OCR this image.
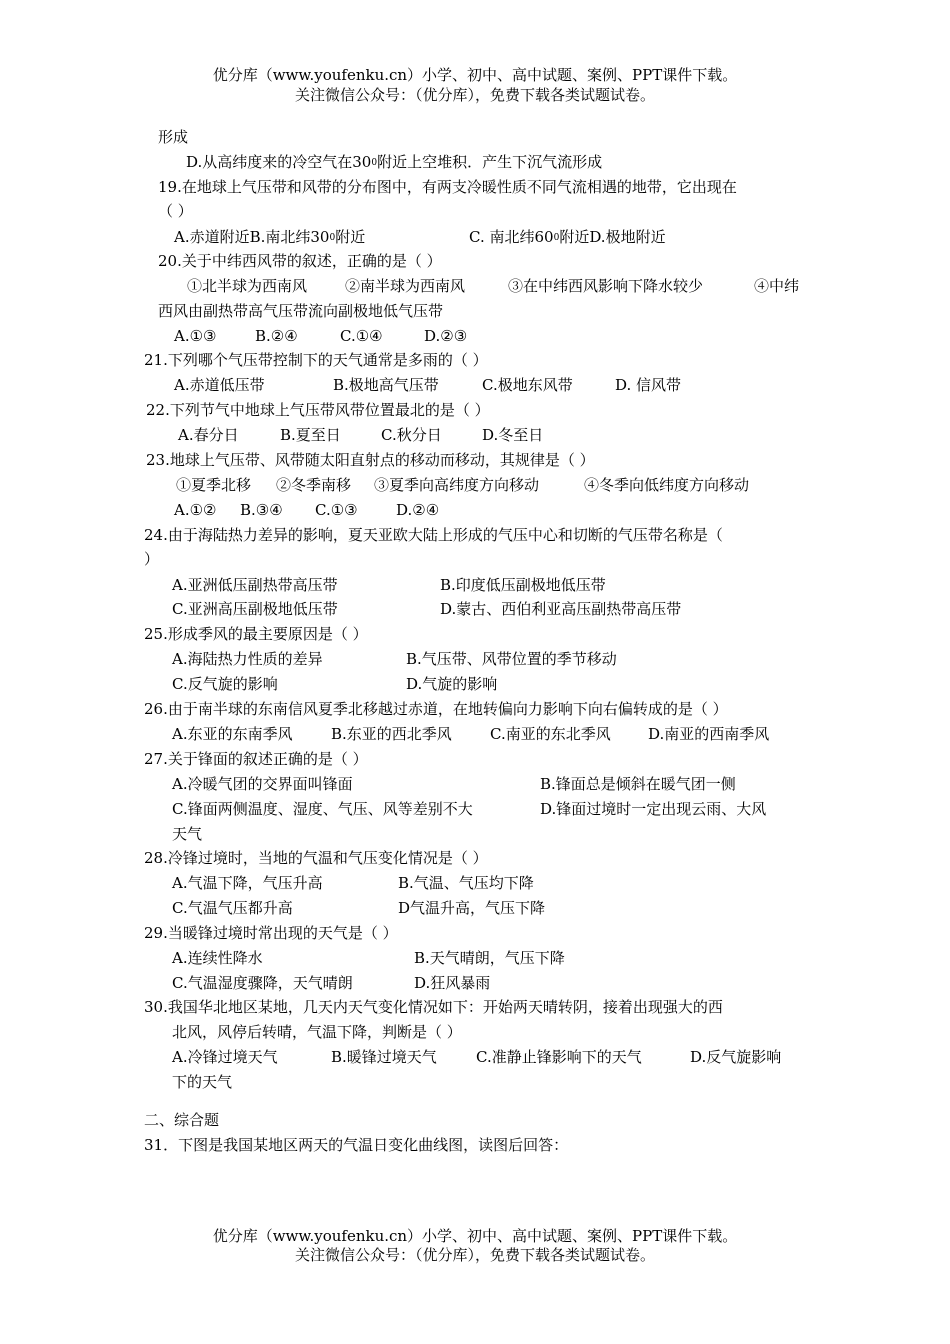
优分库（www.youfenku.cn）小学、初中、高中试题、案例、PPT课件下载。
关注微信公众号：（优分库），免费下载各类试题试卷。
形成
D.从高纬度来的冷空气在$30^0$附近上空堆积．产生下沉气流形成
19.在地球上气压带和风带的分布图中，有两支冷暖性质不同气流相遇的地带，它出现在
（ ）
A.赤道附近B.南北纬$30^0$附近	C. 南北纬$60^0$附近D.极地附近
20.关于中纬西风带的叙述，正确的是（ ）
①北半球为西南风	②南半球为西南风	③在中纬西风影响下降水较少	④中纬
西风由副热带高气压带流向副极地低气压带
A.①③	B.②④	C.①④	D.②③
21.下列哪个气压带控制下的天气通常是多雨的（ ）
A.赤道低压带	B.极地高气压带	C.极地东风带	D. 信风带
22.下列节气中地球上气压带风带位置最北的是（ ）
A.春分日	B.夏至日	C.秋分日	D.冬至日
23.地球上气压带、风带随太阳直射点的移动而移动，其规律是（ ）
①夏季北移 ②冬季南移 ③夏季向高纬度方向移动	④冬季向低纬度方向移动
A.①② B.③④ C.①③	D.②④
24.由于海陆热力差异的影响，夏天亚欧大陆上形成的气压中心和切断的气压带名称是（
）
A.亚洲低压副热带高压带	B.印度低压副极地低压带
C.亚洲高压副极地低压带	D.蒙古、西伯利亚高压副热带高压带
25.形成季风的最主要原因是（ ）
A.海陆热力性质的差异	B.气压带、风带位置的季节移动
C.反气旋的影响	D.气旋的影响
26.由于南半球的东南信风夏季北移越过赤道，在地转偏向力影响下向右偏转成的是（ ）
A.东亚的东南季风	B.东亚的西北季风	C.南亚的东北季风 D.南亚的西南季风
27.关于锋面的叙述正确的是（ ）
A.冷暖气团的交界面叫锋面	B.锋面总是倾斜在暖气团一侧
C.锋面两侧温度、湿度、气压、风等差别不大	D.锋面过境时一定出现云雨、大风
天气
28.冷锋过境时，当地的气温和气压变化情况是（ ）
A.气温下降，气压升高	B.气温、气压均下降
C.气温气压都升高	D气温升高，气压下降
29.当暖锋过境时常出现的天气是（ ）
A.连续性降水	B.天气晴朗，气压下降
C.气温湿度骤降，天气晴朗	D.狂风暴雨
30.我国华北地区某地，几天内天气变化情况如下：开始两天晴转阴，接着出现强大的西
北风，风停后转晴，气温下降，判断是（ ）
A.冷锋过境天气	B.暖锋过境天气	C.准静止锋影响下的天气	D.反气旋影响
下的天气
二、综合题
31．下图是我国某地区两天的气温日变化曲线图，读图后回答：
优分库（www.youfenku.cn）小学、初中、高中试题、案例、PPT课件下载。
关注微信公众号：（优分库），免费下载各类试题试卷。
